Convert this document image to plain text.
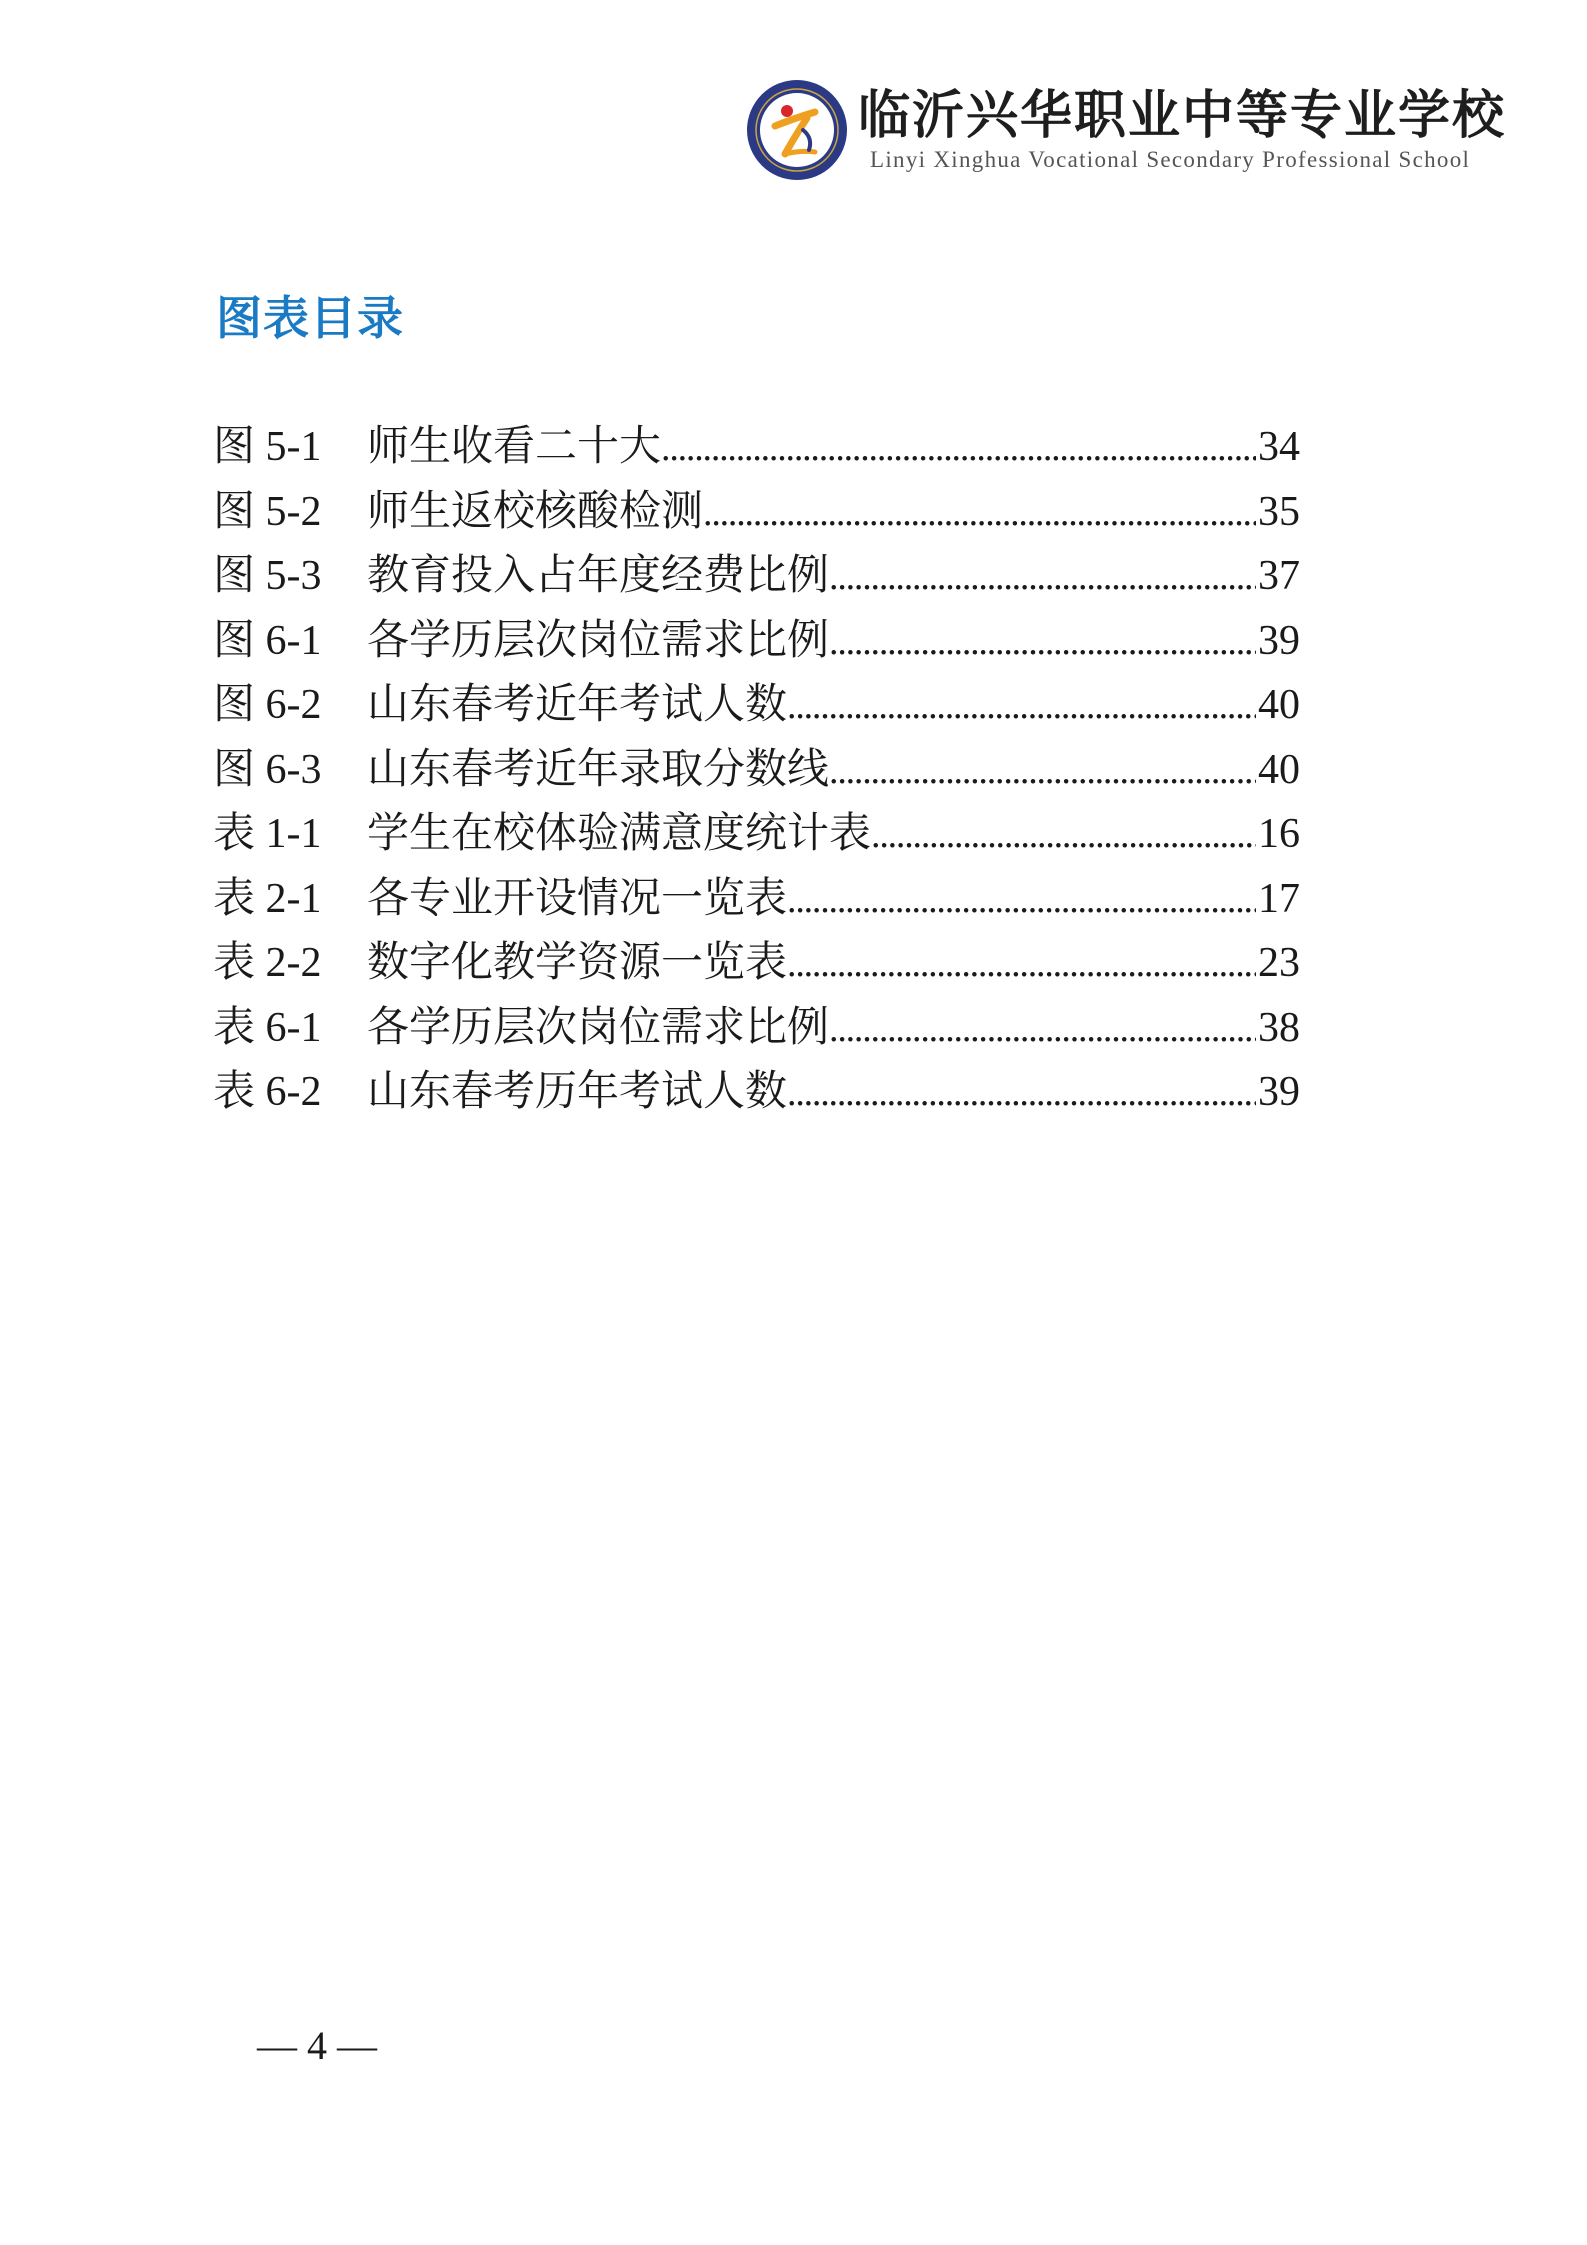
临沂兴华职业中等专业学校
Linyi Xinghua Vocational Secondary Professional School
图表目录
图 5-1	师生收看二十大 .....	34
图 5-2	师生返校核酸检测 .....	35
图 5-3	教育投入占年度经费比例 .....	37
图 6-1	各学历层次岗位需求比例 .....	39
图 6-2	山东春考近年考试人数 .....	40
图 6-3	山东春考近年录取分数线 .....	40
表 1-1	学生在校体验满意度统计表 .....	16
表 2-1	各专业开设情况一览表 .....	17
表 2-2	数字化教学资源一览表 .....	23
表 6-1	各学历层次岗位需求比例 .....	38
表 6-2	山东春考历年考试人数 .....	39
— 4 —
